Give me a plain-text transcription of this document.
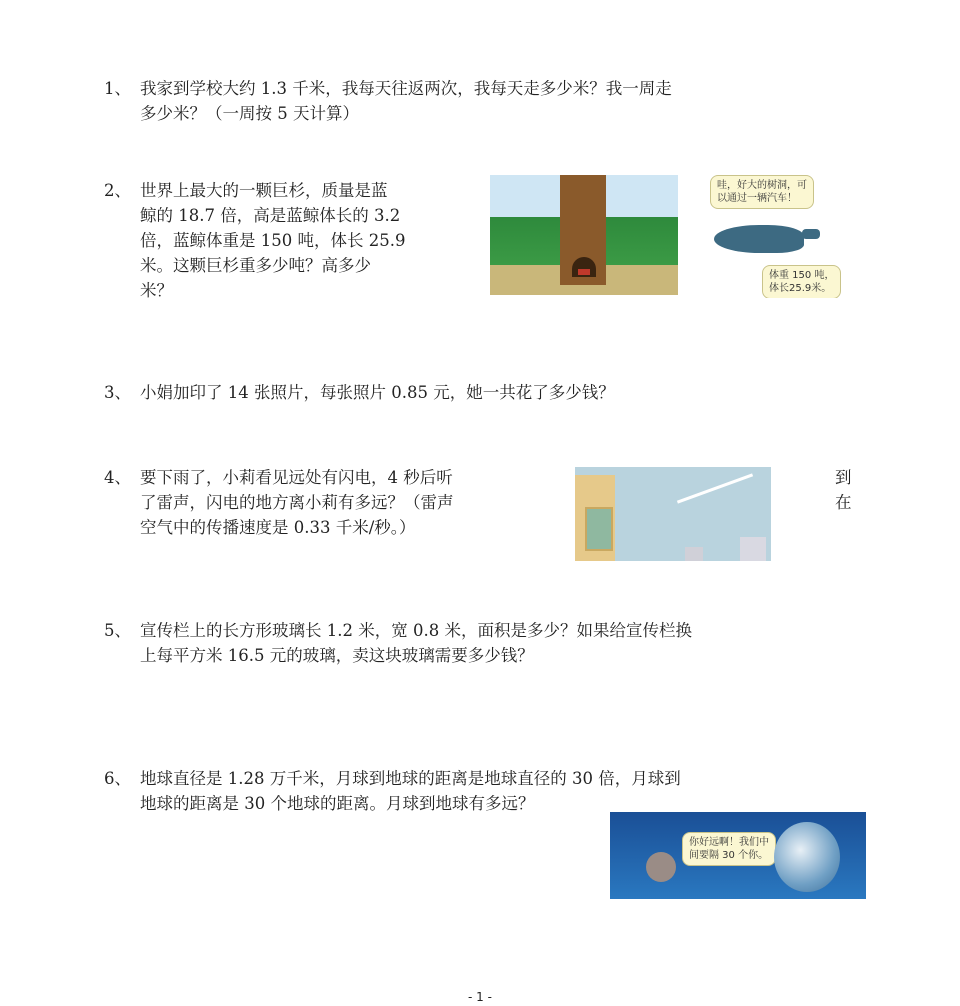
1、 我家到学校大约 1.3 千米，我每天往返两次，我每天走多少米？我一周走
多少米？（一周按 5 天计算）
2、 世界上最大的一颗巨杉，质量是蓝
鲸的 18.7 倍，高是蓝鲸体长的 3.2
倍，蓝鲸体重是 150 吨，体长 25.9
米。这颗巨杉重多少吨？高多少
米？
哇，好大的树洞，可
以通过一辆汽车！
体重 150 吨，
体长25.9米。
3、 小娟加印了 14 张照片，每张照片 0.85 元，她一共花了多少钱？
4、 要下雨了，小莉看见远处有闪电，4 秒后听
了雷声，闪电的地方离小莉有多远？（雷声
空气中的传播速度是 0.33 千米/秒。）
到
在
5、 宣传栏上的长方形玻璃长 1.2 米，宽 0.8 米，面积是多少？如果给宣传栏换
上每平方米 16.5 元的玻璃，卖这块玻璃需要多少钱？
6、 地球直径是 1.28 万千米，月球到地球的距离是地球直径的 30 倍，月球到
地球的距离是 30 个地球的距离。月球到地球有多远？
你好远啊！我们中
间要隔 30 个你。
- 1 -
